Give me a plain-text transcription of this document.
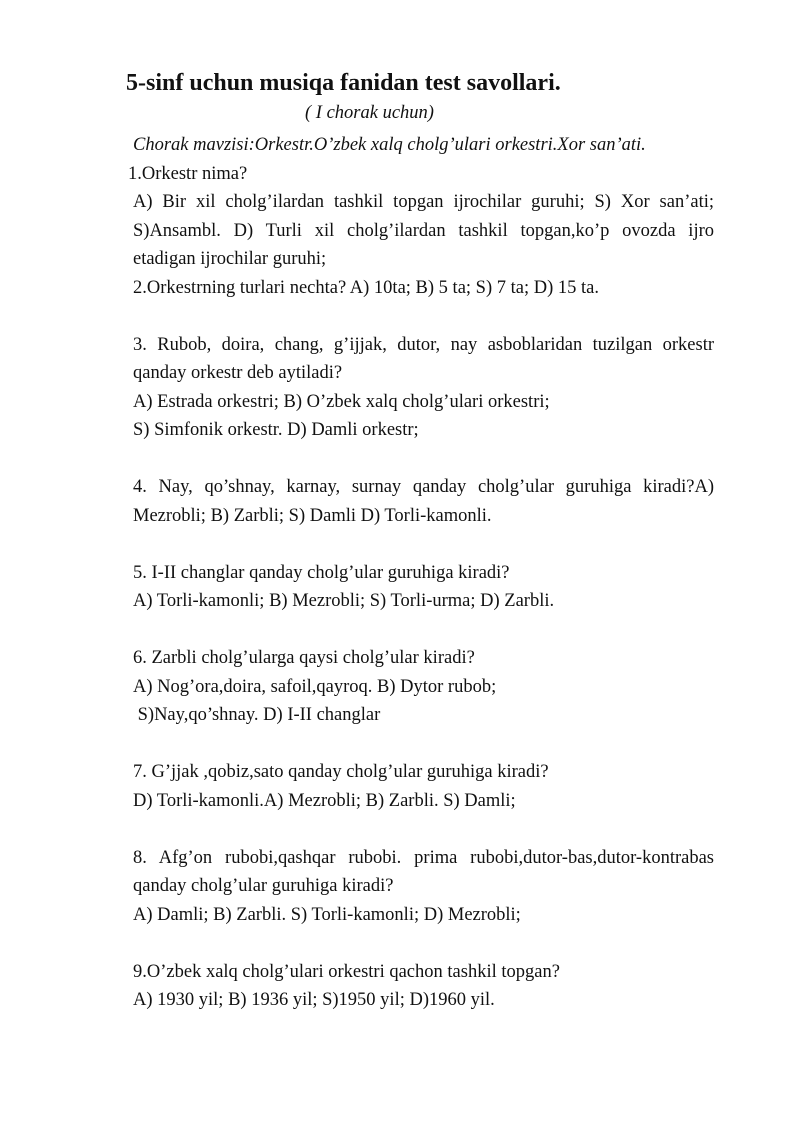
5-sinf uchun musiqa fanidan test savollari.

( I chorak uchun)

Chorak mavzisi:Orkestr.O’zbek xalq cholg’ulari orkestri.Xor san’ati.

1.Orkestr nima?

A) Bir xil cholg’ilardan tashkil topgan ijrochilar guruhi; S) Xor san’ati; S)Ansambl. D) Turli xil cholg’ilardan tashkil topgan,ko’p ovozda ijro etadigan ijrochilar guruhi;

2.Orkestrning turlari nechta? A) 10ta; B) 5 ta; S) 7 ta; D) 15 ta.

3. Rubob, doira, chang, g’ijjak, dutor, nay asboblaridan tuzilgan orkestr qanday orkestr deb aytiladi?

A) Estrada orkestri; B) O’zbek xalq cholg’ulari orkestri;

S) Simfonik orkestr. D) Damli orkestr;

4. Nay, qo’shnay, karnay, surnay qanday cholg’ular guruhiga kiradi?A) Mezrobli; B) Zarbli; S) Damli D) Torli-kamonli.

5. I-II changlar qanday cholg’ular guruhiga kiradi?

A) Torli-kamonli; B) Mezrobli; S) Torli-urma; D) Zarbli.

6. Zarbli cholg’ularga qaysi cholg’ular kiradi?

A) Nog’ora,doira, safoil,qayroq. B) Dytor rubob;

S)Nay,qo’shnay. D) I-II changlar

7. G’jjak ,qobiz,sato qanday cholg’ular guruhiga kiradi?

D) Torli-kamonli.A) Mezrobli; B) Zarbli. S) Damli;

8. Afg’on rubobi,qashqar rubobi. prima rubobi,dutor-bas,dutor-kontrabas qanday cholg’ular guruhiga kiradi?

A) Damli; B) Zarbli. S) Torli-kamonli; D) Mezrobli;

9.O’zbek xalq cholg’ulari orkestri qachon tashkil topgan?

A) 1930 yil; B) 1936 yil; S)1950 yil; D)1960 yil.
